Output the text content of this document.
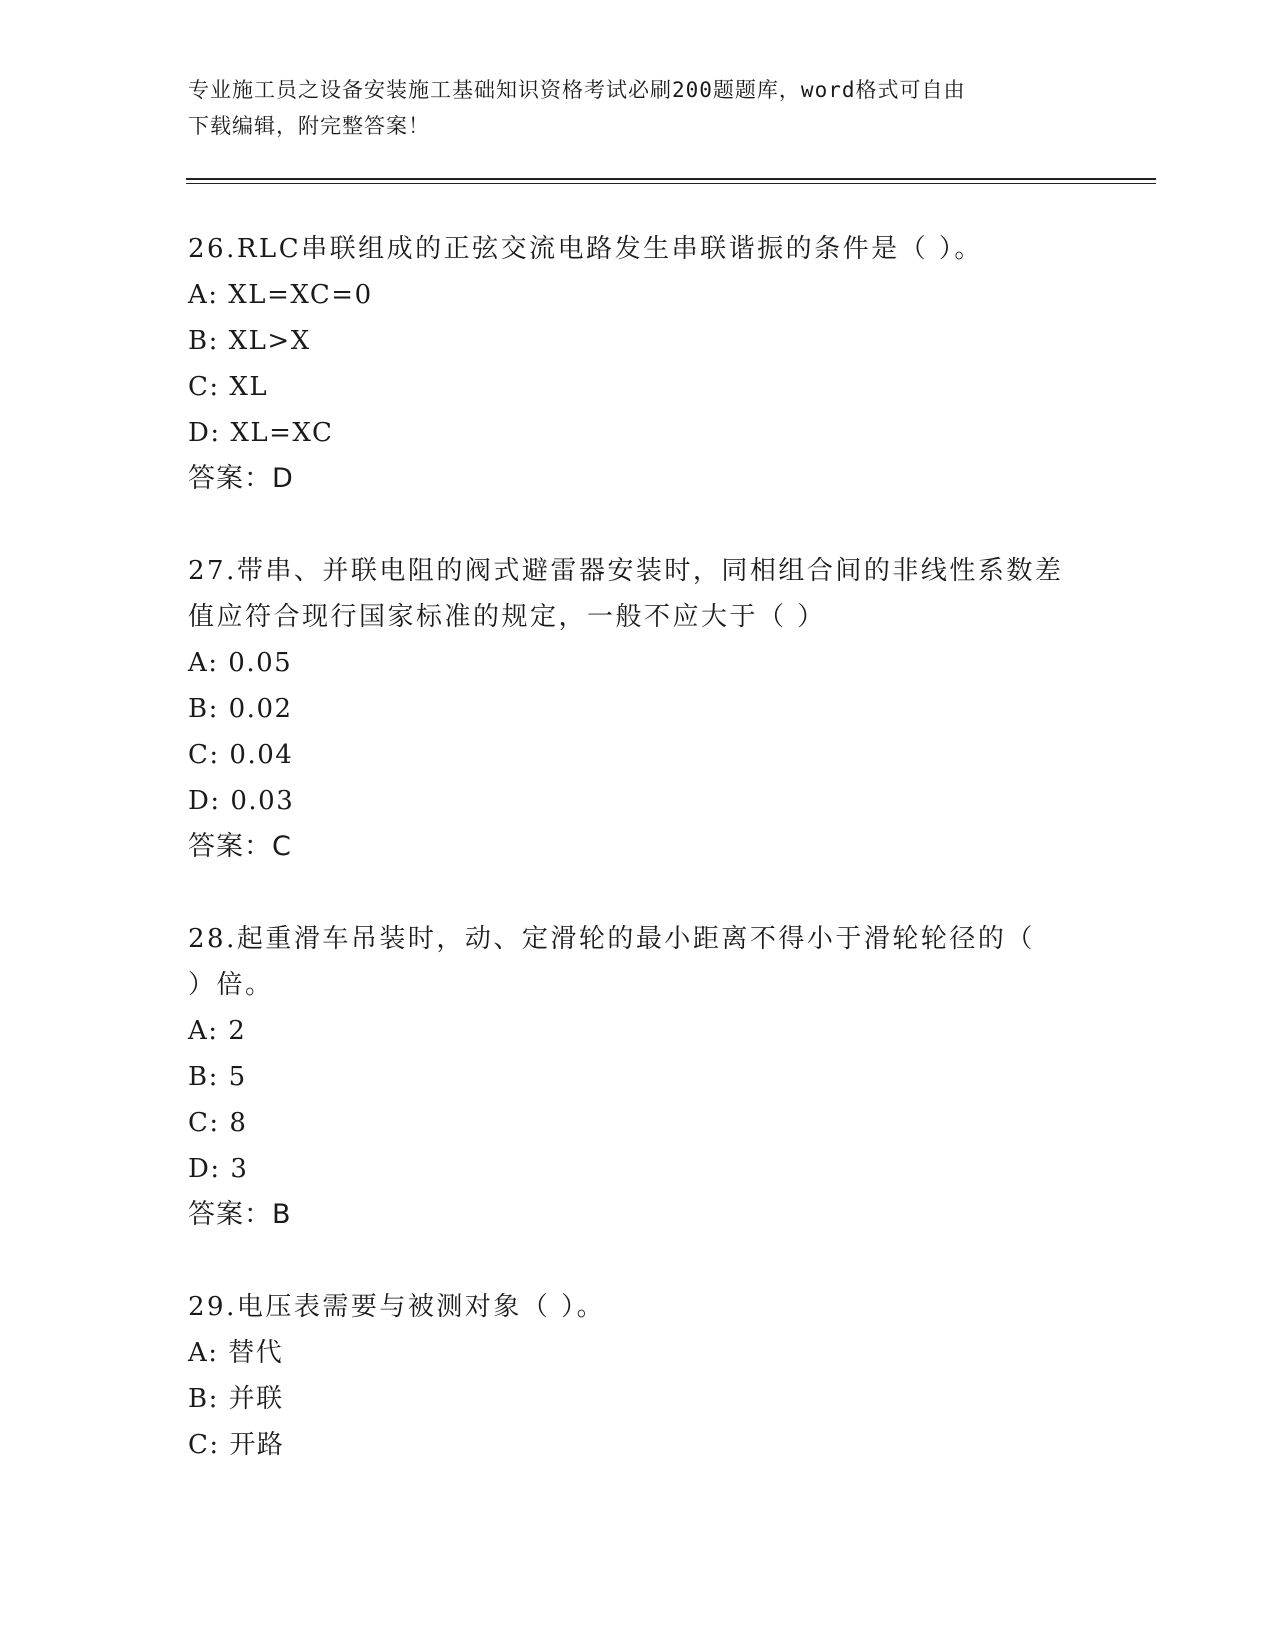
专业施工员之设备安装施工基础知识资格考试必刷200题题库，word格式可自由
下载编辑，附完整答案！

26.RLC串联组成的正弦交流电路发生串联谐振的条件是（ ）。

A: XL=XC=0

B: XL>X

C: XL

D: XL=XC

答案：D

27.带串、并联电阻的阀式避雷器安装时，同相组合间的非线性系数差

值应符合现行国家标准的规定，一般不应大于（ ）

A: 0.05

B: 0.02

C: 0.04

D: 0.03

答案：C

28.起重滑车吊装时，动、定滑轮的最小距离不得小于滑轮轮径的（

）倍。

A: 2

B: 5

C: 8

D: 3

答案：B

29.电压表需要与被测对象（ ）。

A: 替代

B: 并联

C: 开路
